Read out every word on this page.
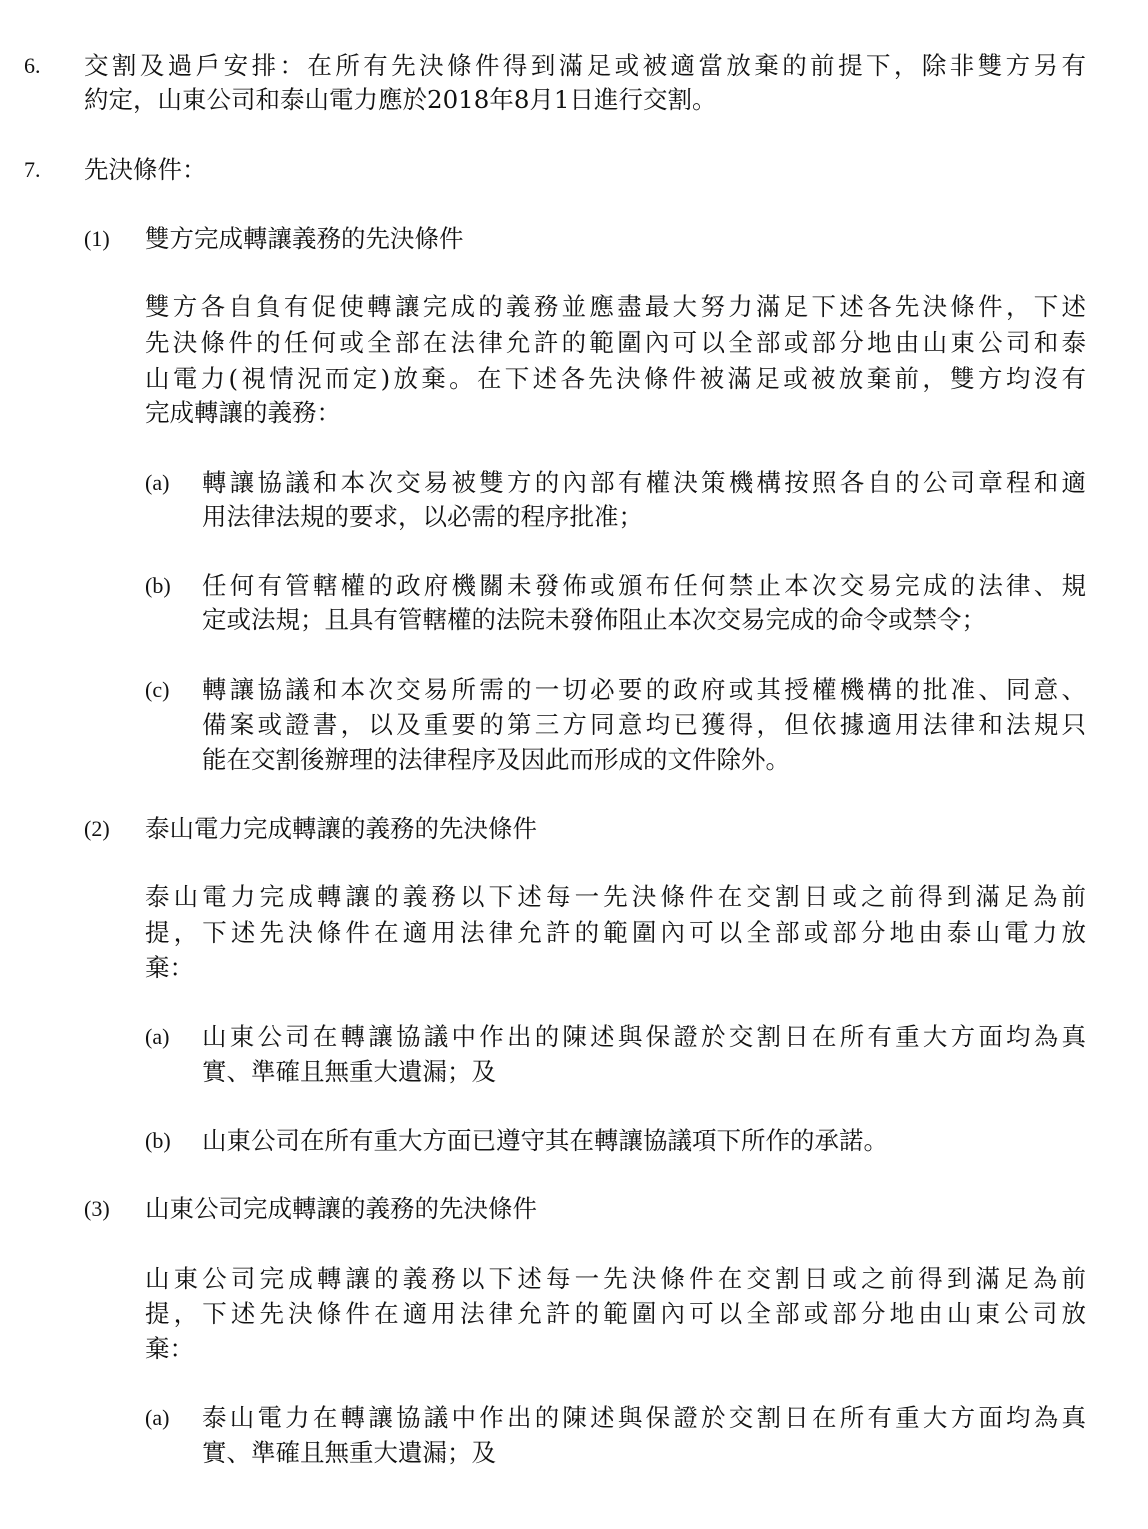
6. 交割及過戶安排：在所有先決條件得到滿足或被適當放棄的前提下，除非雙方另有
約定，山東公司和泰山電力應於2018年8月1日進行交割。
7. 先決條件：
(1) 雙方完成轉讓義務的先決條件
雙方各自負有促使轉讓完成的義務並應盡最大努力滿足下述各先決條件，下述
先決條件的任何或全部在法律允許的範圍內可以全部或部分地由山東公司和泰
山電力(視情況而定)放棄。在下述各先決條件被滿足或被放棄前，雙方均沒有
完成轉讓的義務：
(a) 轉讓協議和本次交易被雙方的內部有權決策機構按照各自的公司章程和適
用法律法規的要求，以必需的程序批准；
(b) 任何有管轄權的政府機關未發佈或頒布任何禁止本次交易完成的法律、規
定或法規；且具有管轄權的法院未發佈阻止本次交易完成的命令或禁令；
(c) 轉讓協議和本次交易所需的一切必要的政府或其授權機構的批准、同意、
備案或證書，以及重要的第三方同意均已獲得，但依據適用法律和法規只
能在交割後辦理的法律程序及因此而形成的文件除外。
(2) 泰山電力完成轉讓的義務的先決條件
泰山電力完成轉讓的義務以下述每一先決條件在交割日或之前得到滿足為前
提，下述先決條件在適用法律允許的範圍內可以全部或部分地由泰山電力放
棄：
(a) 山東公司在轉讓協議中作出的陳述與保證於交割日在所有重大方面均為真
實、準確且無重大遺漏；及
(b) 山東公司在所有重大方面已遵守其在轉讓協議項下所作的承諾。
(3) 山東公司完成轉讓的義務的先決條件
山東公司完成轉讓的義務以下述每一先決條件在交割日或之前得到滿足為前
提，下述先決條件在適用法律允許的範圍內可以全部或部分地由山東公司放
棄：
(a) 泰山電力在轉讓協議中作出的陳述與保證於交割日在所有重大方面均為真
實、準確且無重大遺漏；及
